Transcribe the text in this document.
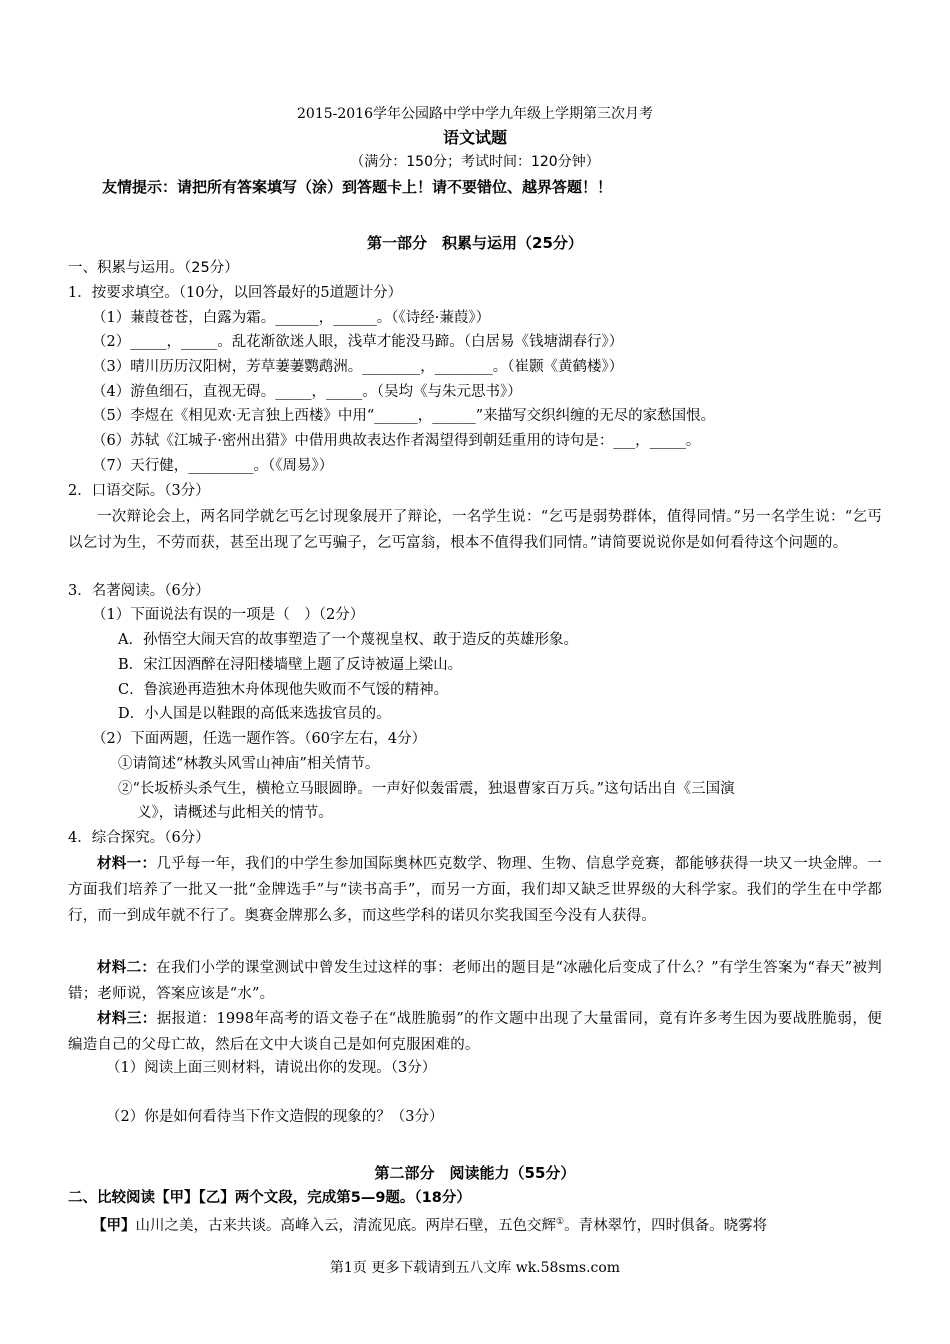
2015-2016学年公园路中学中学九年级上学期第三次月考
语文试题
（满分：150分；考试时间：120分钟）
友情提示：请把所有答案填写（涂）到答题卡上！请不要错位、越界答题！！
第一部分　积累与运用（25分）
一、积累与运用。（25分）
1．按要求填空。（10分，以回答最好的5道题计分）
（1）蒹葭苍苍，白露为霜。______，______。（《诗经·蒹葭》）
（2）_____，_____。乱花渐欲迷人眼，浅草才能没马蹄。（白居易《钱塘湖春行》）
（3）晴川历历汉阳树，芳草萋萋鹦鹉洲。________，________。（崔颢《黄鹤楼》）
（4）游鱼细石，直视无碍。_____，_____。（吴均《与朱元思书》）
（5）李煜在《相见欢·无言独上西楼》中用“______，______”来描写交织纠缠的无尽的家愁国恨。
（6）苏轼《江城子·密州出猎》中借用典故表达作者渴望得到朝廷重用的诗句是：___，_____。
（7）天行健，_________。（《周易》）
2．口语交际。（3分）
一次辩论会上，两名同学就乞丐乞讨现象展开了辩论，一名学生说：“乞丐是弱势群体，值得同情。”另一名学生说：“乞丐以乞讨为生，不劳而获，甚至出现了乞丐骗子，乞丐富翁，根本不值得我们同情。”请简要说说你是如何看待这个问题的。
3．名著阅读。（6分）
（1）下面说法有误的一项是（　）（2分）
A．孙悟空大闹天宫的故事塑造了一个蔑视皇权、敢于造反的英雄形象。
B．宋江因酒醉在浔阳楼墙壁上题了反诗被逼上梁山。
C．鲁滨逊再造独木舟体现他失败而不气馁的精神。
D．小人国是以鞋跟的高低来选拔官员的。
（2）下面两题，任选一题作答。（60字左右，4分）
①请简述“林教头风雪山神庙”相关情节。
②“长坂桥头杀气生，横枪立马眼圆睁。一声好似轰雷震，独退曹家百万兵。”这句话出自《三国演
义》，请概述与此相关的情节。
4．综合探究。（6分）
材料一：几乎每一年，我们的中学生参加国际奥林匹克数学、物理、生物、信息学竞赛，都能够获得一块又一块金牌。一方面我们培养了一批又一批“金牌选手”与“读书高手”，而另一方面，我们却又缺乏世界级的大科学家。我们的学生在中学都行，而一到成年就不行了。奥赛金牌那么多，而这些学科的诺贝尔奖我国至今没有人获得。
材料二：在我们小学的课堂测试中曾发生过这样的事：老师出的题目是“冰融化后变成了什么？”有学生答案为“春天”被判错；老师说，答案应该是“水”。
材料三：据报道：1998年高考的语文卷子在“战胜脆弱”的作文题中出现了大量雷同，竟有许多考生因为要战胜脆弱，便编造自己的父母亡故，然后在文中大谈自己是如何克服困难的。
（1）阅读上面三则材料，请说出你的发现。（3分）
（2）你是如何看待当下作文造假的现象的？（3分）
第二部分　阅读能力（55分）
二、比较阅读【甲】【乙】两个文段，完成第5—9题。（18分）
【甲】山川之美，古来共谈。高峰入云，清流见底。两岸石壁，五色交辉①。青林翠竹，四时俱备。晓雾将
第1页 更多下载请到五八文库 wk.58sms.com
